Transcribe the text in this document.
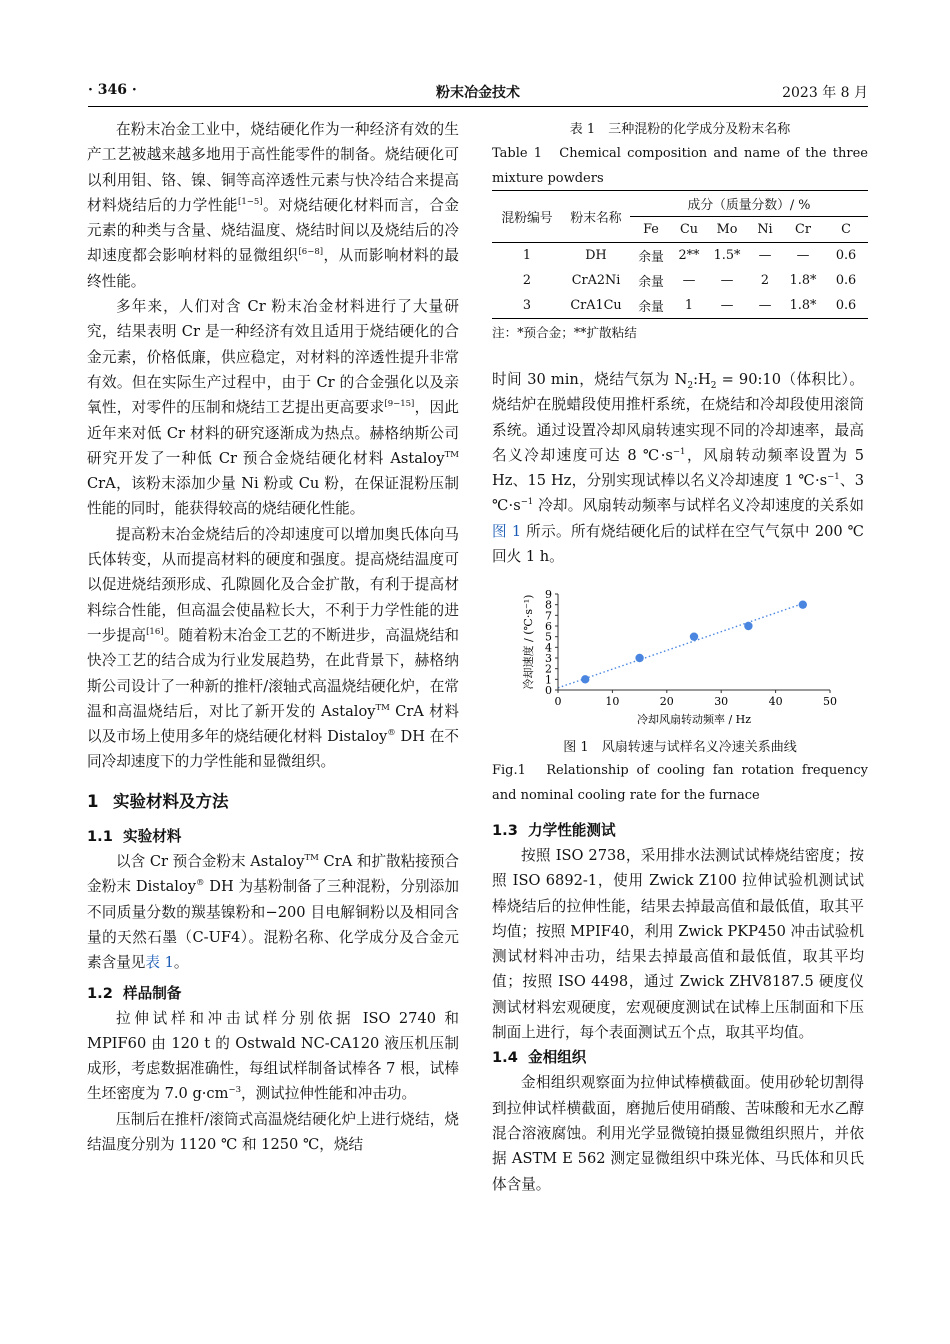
· 346 ·	粉末冶金技术	2023 年 8 月

在粉末冶金工业中，烧结硬化作为一种经济有效的生产工艺被越来越多地用于高性能零件的制备。烧结硬化可以利用钼、铬、镍、铜等高淬透性元素与快冷结合来提高材料烧结后的力学性能[1−5]。对烧结硬化材料而言，合金元素的种类与含量、烧结温度、烧结时间以及烧结后的冷却速度都会影响材料的显微组织[6−8]，从而影响材料的最终性能。

多年来，人们对含 Cr 粉末冶金材料进行了大量研究，结果表明 Cr 是一种经济有效且适用于烧结硬化的合金元素，价格低廉，供应稳定，对材料的淬透性提升非常有效。但在实际生产过程中，由于 Cr 的合金强化以及亲氧性，对零件的压制和烧结工艺提出更高要求[9−15]，因此近年来对低 Cr 材料的研究逐渐成为热点。赫格纳斯公司研究开发了一种低 Cr 预合金烧结硬化材料 Astaloy™ CrA，该粉末添加少量 Ni 粉或 Cu 粉，在保证混粉压制性能的同时，能获得较高的烧结硬化性能。

提高粉末冶金烧结后的冷却速度可以增加奥氏体向马氏体转变，从而提高材料的硬度和强度。提高烧结温度可以促进烧结颈形成、孔隙圆化及合金扩散，有利于提高材料综合性能，但高温会使晶粒长大，不利于力学性能的进一步提高[16]。随着粉末冶金工艺的不断进步，高温烧结和快冷工艺的结合成为行业发展趋势，在此背景下，赫格纳斯公司设计了一种新的推杆/滚轴式高温烧结硬化炉，在常温和高温烧结后，对比了新开发的 Astaloy™ CrA 材料以及市场上使用多年的烧结硬化材料 Distaloy® DH 在不同冷却速度下的力学性能和显微组织。

1 实验材料及方法
1.1 实验材料

以含 Cr 预合金粉末 Astaloy™ CrA 和扩散粘接预合金粉末 Distaloy® DH 为基粉制备了三种混粉，分别添加不同质量分数的羰基镍粉和−200 目电解铜粉以及相同含量的天然石墨（C-UF4）。混粉名称、化学成分及合金元素含量见表 1。

1.2 样品制备

拉伸试样和冲击试样分别依据 ISO 2740 和 MPIF60 由 120 t 的 Ostwald NC-CA120 液压机压制成形，考虑数据准确性，每组试样制备试棒各 7 根，试棒生坯密度为 7.0 $g\cdot cm^{-3}$，测试拉伸性能和冲击功。

压制后在推杆/滚筒式高温烧结硬化炉上进行烧结，烧结温度分别为 1120 ℃ 和 1250 ℃，烧结

表 1　三种混粉的化学成分及粉末名称
Table 1　Chemical composition and name of the three mixture powders
混粉编号	粉末名称	成分（质量分数）/ %					
		Fe	Cu	Mo	Ni	Cr	C
1	DH	余量	2**	1.5*	—	—	0.6
2	CrA2Ni	余量	—	—	2	1.8*	0.6
3	CrA1Cu	余量	1	—	—	1.8*	0.6
注：*预合金；**扩散粘结

时间 30 min，烧结气氛为 $N_2:H_2$ = 90:10（体积比）。烧结炉在脱蜡段使用推杆系统，在烧结和冷却段使用滚筒系统。通过设置冷却风扇转速实现不同的冷却速率，最高名义冷却速度可达 8 $℃\cdot s^{-1}$，风扇转动频率设置为 5 Hz、15 Hz，分别实现试棒以名义冷却速度 1 $℃\cdot s^{-1}$、3 $℃\cdot s^{-1}$ 冷却。风扇转动频率与试样名义冷却速度的关系如图 1 所示。所有烧结硬化后的试样在空气气氛中 200 ℃ 回火 1 h。

0	10	20	30	40	50
0
1
2
3
4
5
6
7
8
9
冷却风扇转动频率 / Hz
冷却速度 / (℃·s⁻¹)
图 1　风扇转速与试样名义冷速关系曲线
Fig.1　Relationship of cooling fan rotation frequency and nominal cooling rate for the furnace
1.3 力学性能测试

按照 ISO 2738，采用排水法测试试棒烧结密度；按照 ISO 6892-1，使用 Zwick Z100 拉伸试验机测试试棒烧结后的拉伸性能，结果去掉最高值和最低值，取其平均值；按照 MPIF40，利用 Zwick PKP450 冲击试验机测试材料冲击功，结果去掉最高值和最低值，取其平均值；按照 ISO 4498，通过 Zwick ZHV8187.5 硬度仪测试材料宏观硬度，宏观硬度测试在试棒上压制面和下压制面上进行，每个表面测试五个点，取其平均值。

1.4 金相组织

金相组织观察面为拉伸试棒横截面。使用砂轮切割得到拉伸试样横截面，磨抛后使用硝酸、苦味酸和无水乙醇混合溶液腐蚀。利用光学显微镜拍摄显微组织照片，并依据 ASTM E 562 测定显微组织中珠光体、马氏体和贝氏体含量。
